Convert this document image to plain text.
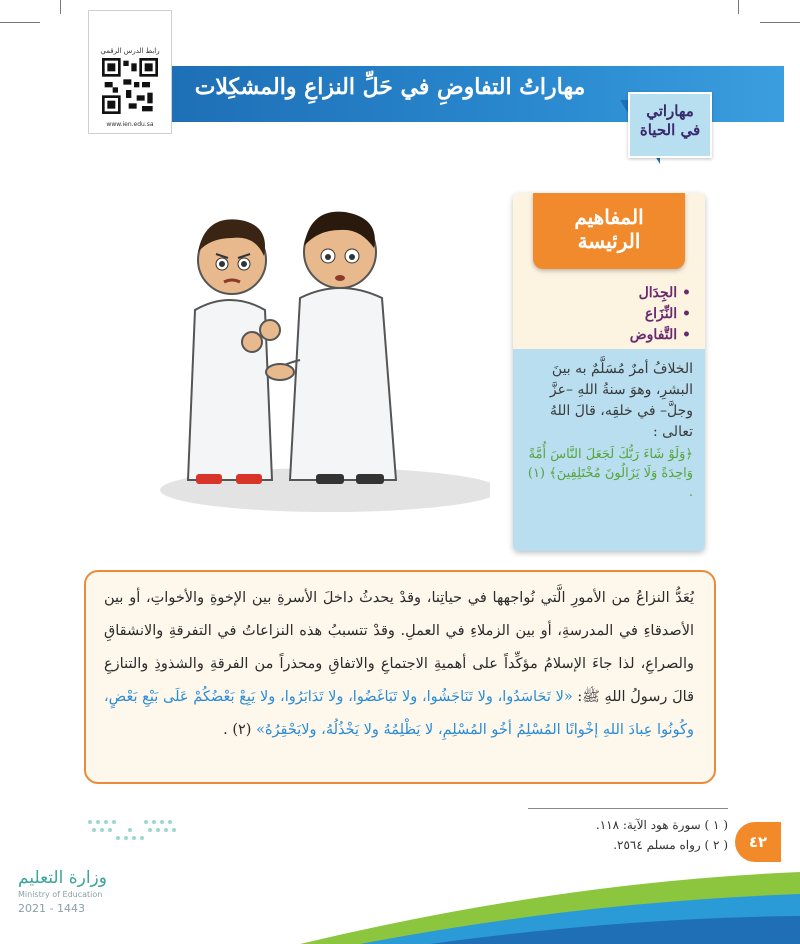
رابط الدرس الرقمي
www.ien.edu.sa
مهاراتُ التفاوضِ في حَلِّ النزاعِ والمشكِلات
مهاراتي
في الحياة
المفاهيم
الرئيسة
• الجِدَال
• النِّزَاع
• التَّفاوض
الخلافُ أمرٌ مُسَلَّمٌ به بينَ البشرِ، وهوَ سنةُ اللهِ –عزَّ وجلَّ– في خلقِه، قالَ اللهُ تعالى :
﴿وَلَوْ شَاءَ رَبُّكَ لَجَعَلَ النَّاسَ أُمَّةً وَاحِدَةً وَلَا يَزَالُونَ مُخْتَلِفِينَ﴾ (١) .
يُعَدُّ النزاعُ من الأمورِ الَّتي نُواجهها في حياتِنا، وقدْ يحدثُ داخلَ الأسرةِ بين الإخوةِ والأخواتِ، أو بين الأصدقاءِ في المدرسةِ، أو بين الزملاءِ في العملِ. وقدْ تتسببُ هذه النزاعاتُ في التفرقةِ والانشقاقِ والصراعِ، لذا جاءَ الإسلامُ مؤكِّداً على أهميةِ الاجتماعِ والاتفاقِ ومحذراً من الفرقةِ والشذوذِ والتنازعِ قالَ رسولُ اللهِ ﷺ: «لا تَحَاسَدُوا، ولا تَنَاجَشُوا، ولا تَبَاغَضُوا، ولا تَدَابَرُوا، ولا يَبِعْ بَعْضُكُمْ عَلَى بَيْعِ بَعْضٍ، وكُونُوا عِبادَ اللهِ إخْوانًا المُسْلِمُ أخُو المُسْلِمِ، لا يَظْلِمُهُ ولا يَخْذُلُهُ، ولايَحْقِرُهُ» (٢) .
( ١ ) سورة هود الآية: ١١٨.
( ٢ ) رواه مسلم ٢٥٦٤.	٤٢
وزارة التعليم
Ministry of Education
2021 - 1443
